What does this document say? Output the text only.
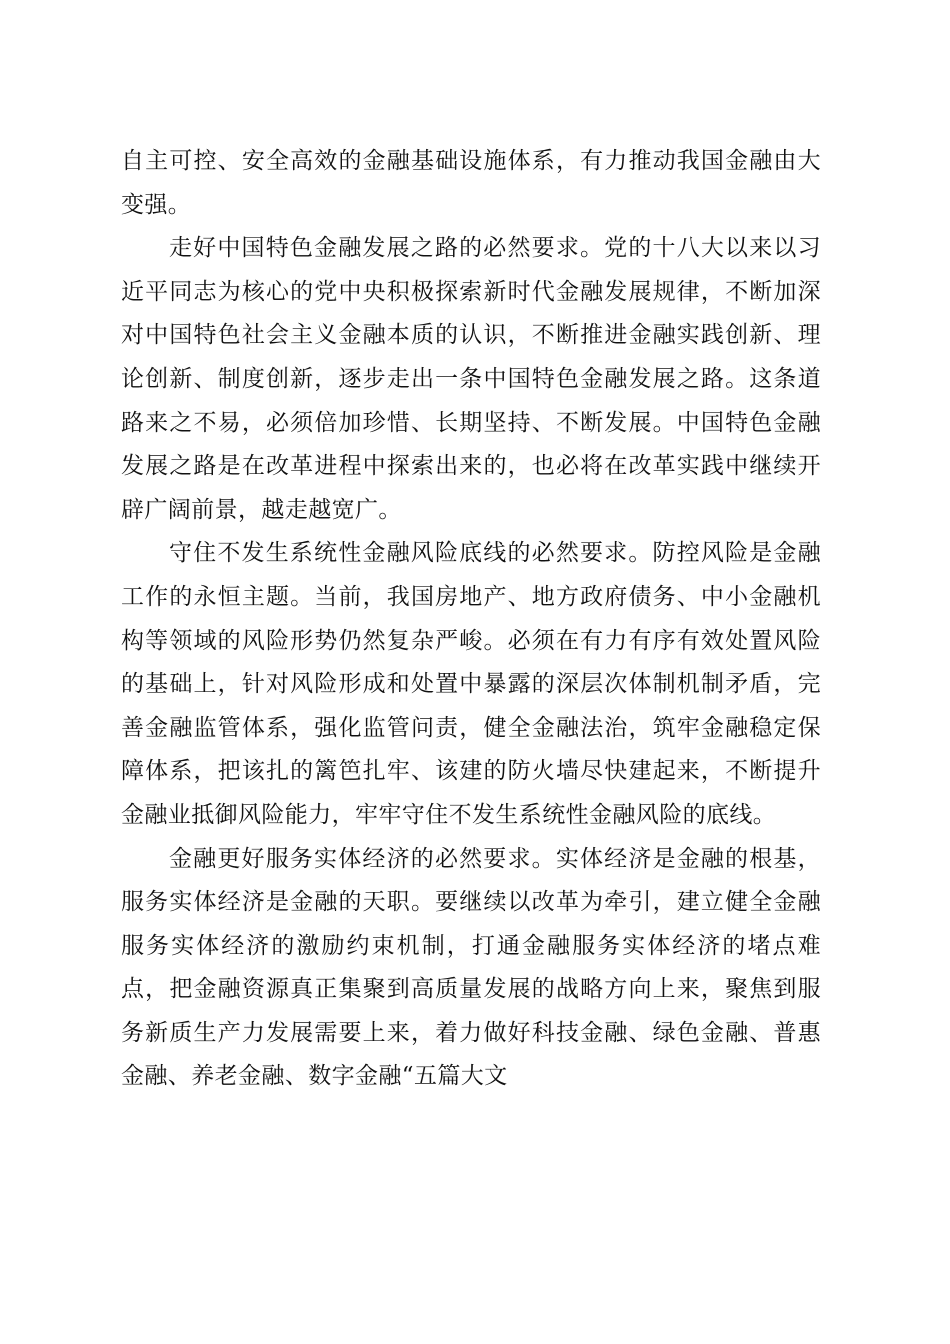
自主可控、安全高效的金融基础设施体系，有力推动我国金融由大变强。

走好中国特色金融发展之路的必然要求。党的十八大以来以习近平同志为核心的党中央积极探索新时代金融发展规律，不断加深对中国特色社会主义金融本质的认识，不断推进金融实践创新、理论创新、制度创新，逐步走出一条中国特色金融发展之路。这条道路来之不易，必须倍加珍惜、长期坚持、不断发展。中国特色金融发展之路是在改革进程中探索出来的，也必将在改革实践中继续开辟广阔前景，越走越宽广。

守住不发生系统性金融风险底线的必然要求。防控风险是金融工作的永恒主题。当前，我国房地产、地方政府债务、中小金融机构等领域的风险形势仍然复杂严峻。必须在有力有序有效处置风险的基础上，针对风险形成和处置中暴露的深层次体制机制矛盾，完善金融监管体系，强化监管问责，健全金融法治，筑牢金融稳定保障体系，把该扎的篱笆扎牢、该建的防火墙尽快建起来，不断提升金融业抵御风险能力，牢牢守住不发生系统性金融风险的底线。

金融更好服务实体经济的必然要求。实体经济是金融的根基，服务实体经济是金融的天职。要继续以改革为牵引，建立健全金融服务实体经济的激励约束机制，打通金融服务实体经济的堵点难点，把金融资源真正集聚到高质量发展的战略方向上来，聚焦到服务新质生产力发展需要上来，着力做好科技金融、绿色金融、普惠金融、养老金融、数字金融“五篇大文
